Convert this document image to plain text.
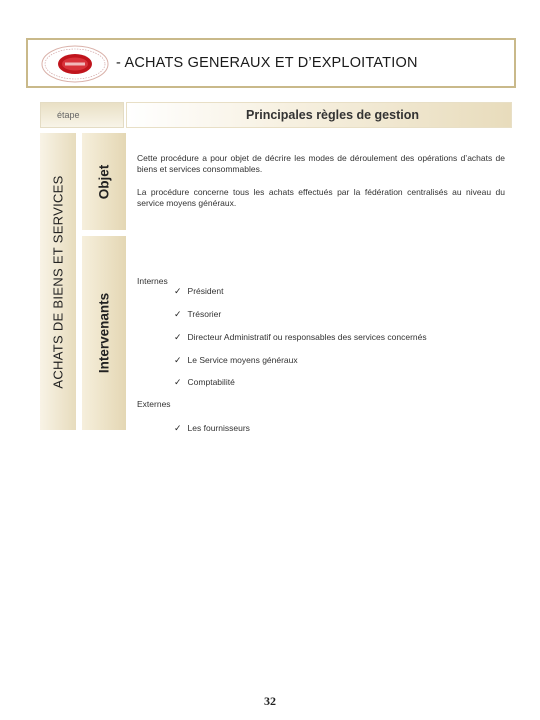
- ACHATS GENERAUX ET D’EXPLOITATION
étape	Principales règles de gestion
ACHATS DE BIENS ET SERVICES Objet
Intervenants
Cette procédure a pour objet de décrire les modes de déroulement des opérations d’achats de biens et services consommables.
La procédure concerne tous les achats effectués par la fédération centralisés au niveau du service moyens généraux.
Internes
✓ Président
✓ Trésorier
✓ Directeur Administratif ou responsables des services concernés
✓ Le Service moyens généraux
✓ Comptabilité
Externes
✓ Les fournisseurs
32
